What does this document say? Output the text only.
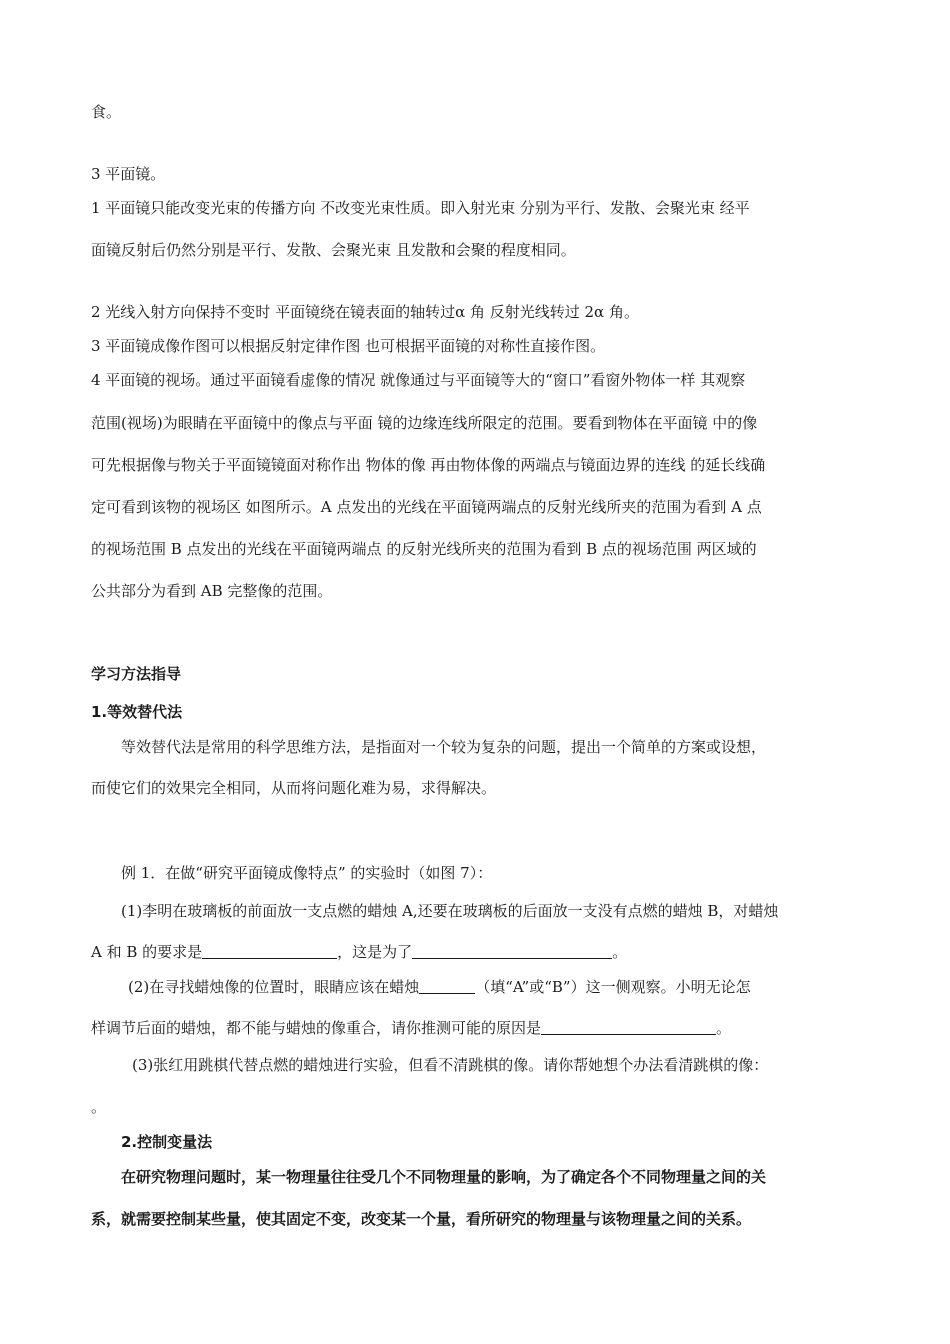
食。
3 平面镜。
1 平面镜只能改变光束的传播方向 不改变光束性质。即入射光束 分别为平行、发散、会聚光束 经平
面镜反射后仍然分别是平行、发散、会聚光束 且发散和会聚的程度相同。
2 光线入射方向保持不变时 平面镜绕在镜表面的轴转过α 角 反射光线转过 2α 角。
3 平面镜成像作图可以根据反射定律作图 也可根据平面镜的对称性直接作图。
4 平面镜的视场。通过平面镜看虚像的情况 就像通过与平面镜等大的“窗口”看窗外物体一样 其观察
范围(视场)为眼睛在平面镜中的像点与平面 镜的边缘连线所限定的范围。要看到物体在平面镜 中的像
可先根据像与物关于平面镜镜面对称作出 物体的像 再由物体像的两端点与镜面边界的连线 的延长线确
定可看到该物的视场区 如图所示。A 点发出的光线在平面镜两端点的反射光线所夹的范围为看到 A 点
的视场范围 B 点发出的光线在平面镜两端点 的反射光线所夹的范围为看到 B 点的视场范围 两区域的
公共部分为看到 AB 完整像的范围。
学习方法指导
1.等效替代法
等效替代法是常用的科学思维方法，是指面对一个较为复杂的问题，提出一个简单的方案或设想，
而使它们的效果完全相同，从而将问题化难为易，求得解决。
例 1．在做“研究平面镜成像特点” 的实验时（如图 7）：
(1)李明在玻璃板的前面放一支点燃的蜡烛 A,还要在玻璃板的后面放一支没有点燃的蜡烛 B，对蜡烛
A 和 B 的要求是	，这是为了	。
(2)在寻找蜡烛像的位置时，眼睛应该在蜡烛	（填“A”或“B”）这一侧观察。小明无论怎
样调节后面的蜡烛，都不能与蜡烛的像重合，请你推测可能的原因是	。
(3)张红用跳棋代替点燃的蜡烛进行实验，但看不清跳棋的像。请你帮她想个办法看清跳棋的像：
。
2.控制变量法
在研究物理问题时，某一物理量往往受几个不同物理量的影响，为了确定各个不同物理量之间的关
系，就需要控制某些量，使其固定不变，改变某一个量，看所研究的物理量与该物理量之间的关系。
